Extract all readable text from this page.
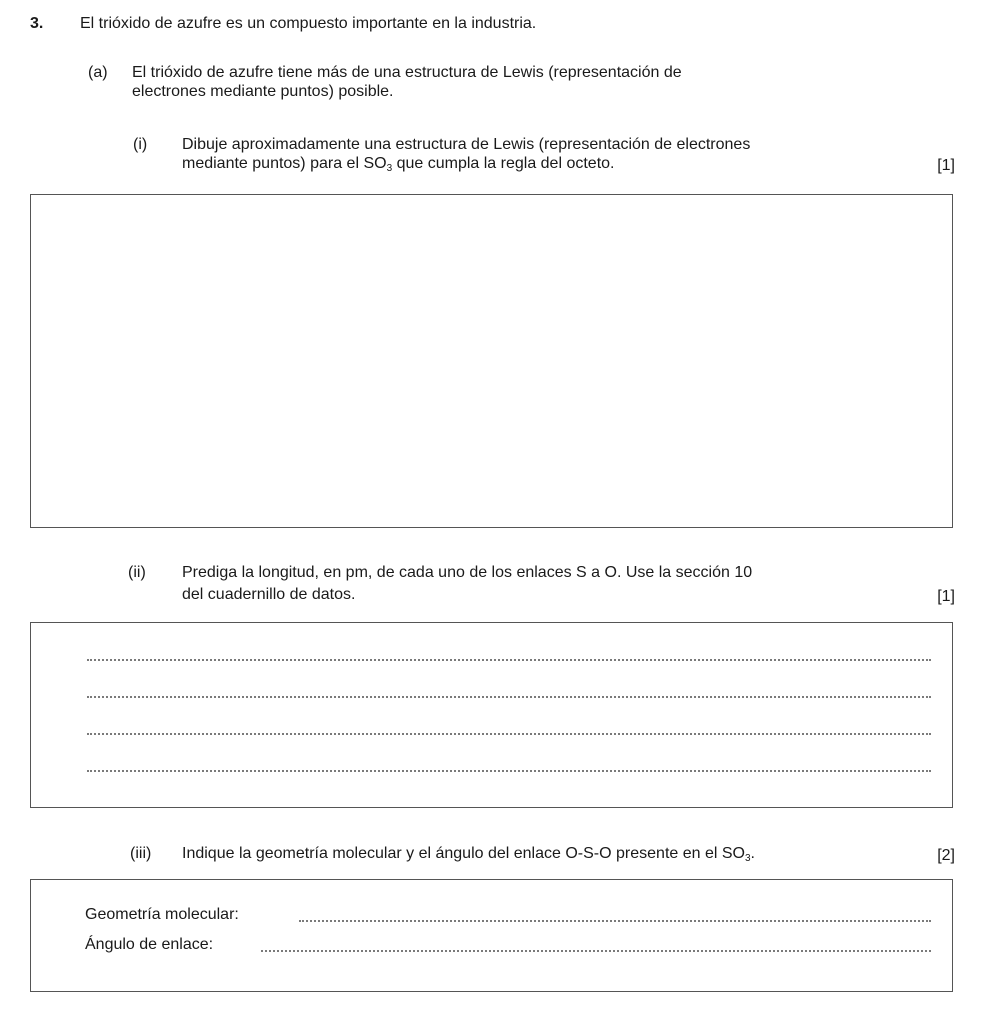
3. El trióxido de azufre es un compuesto importante en la industria.
(a) El trióxido de azufre tiene más de una estructura de Lewis (representación de
electrones mediante puntos) posible.
(i) Dibuje aproximadamente una estructura de Lewis (representación de electrones
mediante puntos) para el $SO_3$ que cumpla la regla del octeto.	[1]
(ii) Prediga la longitud, en pm, de cada uno de los enlaces S a O. Use la sección 10
del cuadernillo de datos.	[1]
(iii) Indique la geometría molecular y el ángulo del enlace O-S-O presente en el $SO_3$.	[2]
Geometría molecular:
Ángulo de enlace:
